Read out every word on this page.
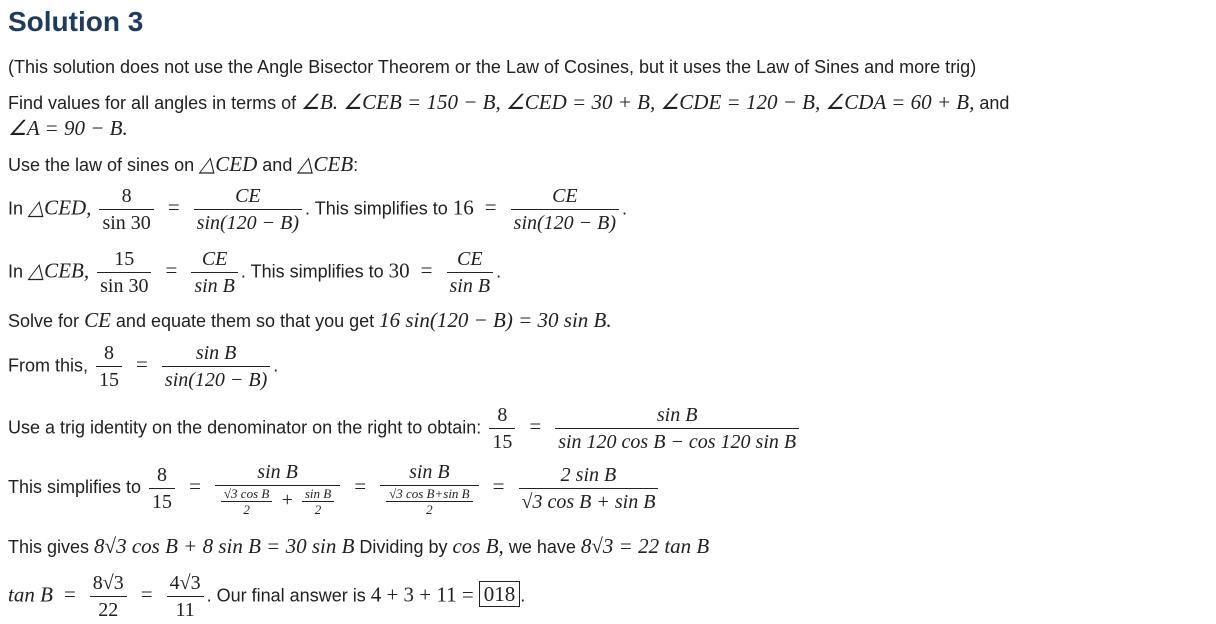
Solution 3
(This solution does not use the Angle Bisector Theorem or the Law of Cosines, but it uses the Law of Sines and more trig)
Find values for all angles in terms of ∠B. ∠CEB = 150 − B, ∠CED = 30 + B, ∠CDE = 120 − B, ∠CDA = 60 + B, and
∠A = 90 − B.
Use the law of sines on △CED and △CEB:
In △CED, $\frac{8}{\sin 30} = \frac{CE}{\sin(120 - B)}$ . This simplifies to $16 = \frac{CE}{\sin(120 - B)}$ .
In △CEB, $\frac{15}{\sin 30} = \frac{CE}{\text{sin B}}$ . This simplifies to $30 = \frac{CE}{\text{sin B}}$ .
Solve for CE and equate them so that you get 16 sin(120 − B) = 30 sin B.
From this, $\frac{8}{15} = \frac{\text{sin B}}{\sin(120 - B)}$ .
Use a trig identity on the denominator on the right to obtain: $\frac{8}{15} = \frac{\text{sin B}}{\text{sin 120 cos B − cos 120 sin B}}$
This simplifies to $\frac{8}{15} = \frac{\text{sin B}}{\frac{\text{√3 cos B}}{2} + \frac{\text{sin B}}{2}} = \frac{\text{sin B}}{\frac{\text{√3 cos B+sin B}}{2}} = \frac{\text{2 sin B}}{\text{√3 cos B + sin B}}$
This gives 8√3 cos B + 8 sin B = 30 sin B Dividing by cos B, we have 8√3 = 22 tan B
$\tan B = \frac{8√3}{22} = \frac{4√3}{11}$ . Our final answer is 4 + 3 + 11 = 018 .
